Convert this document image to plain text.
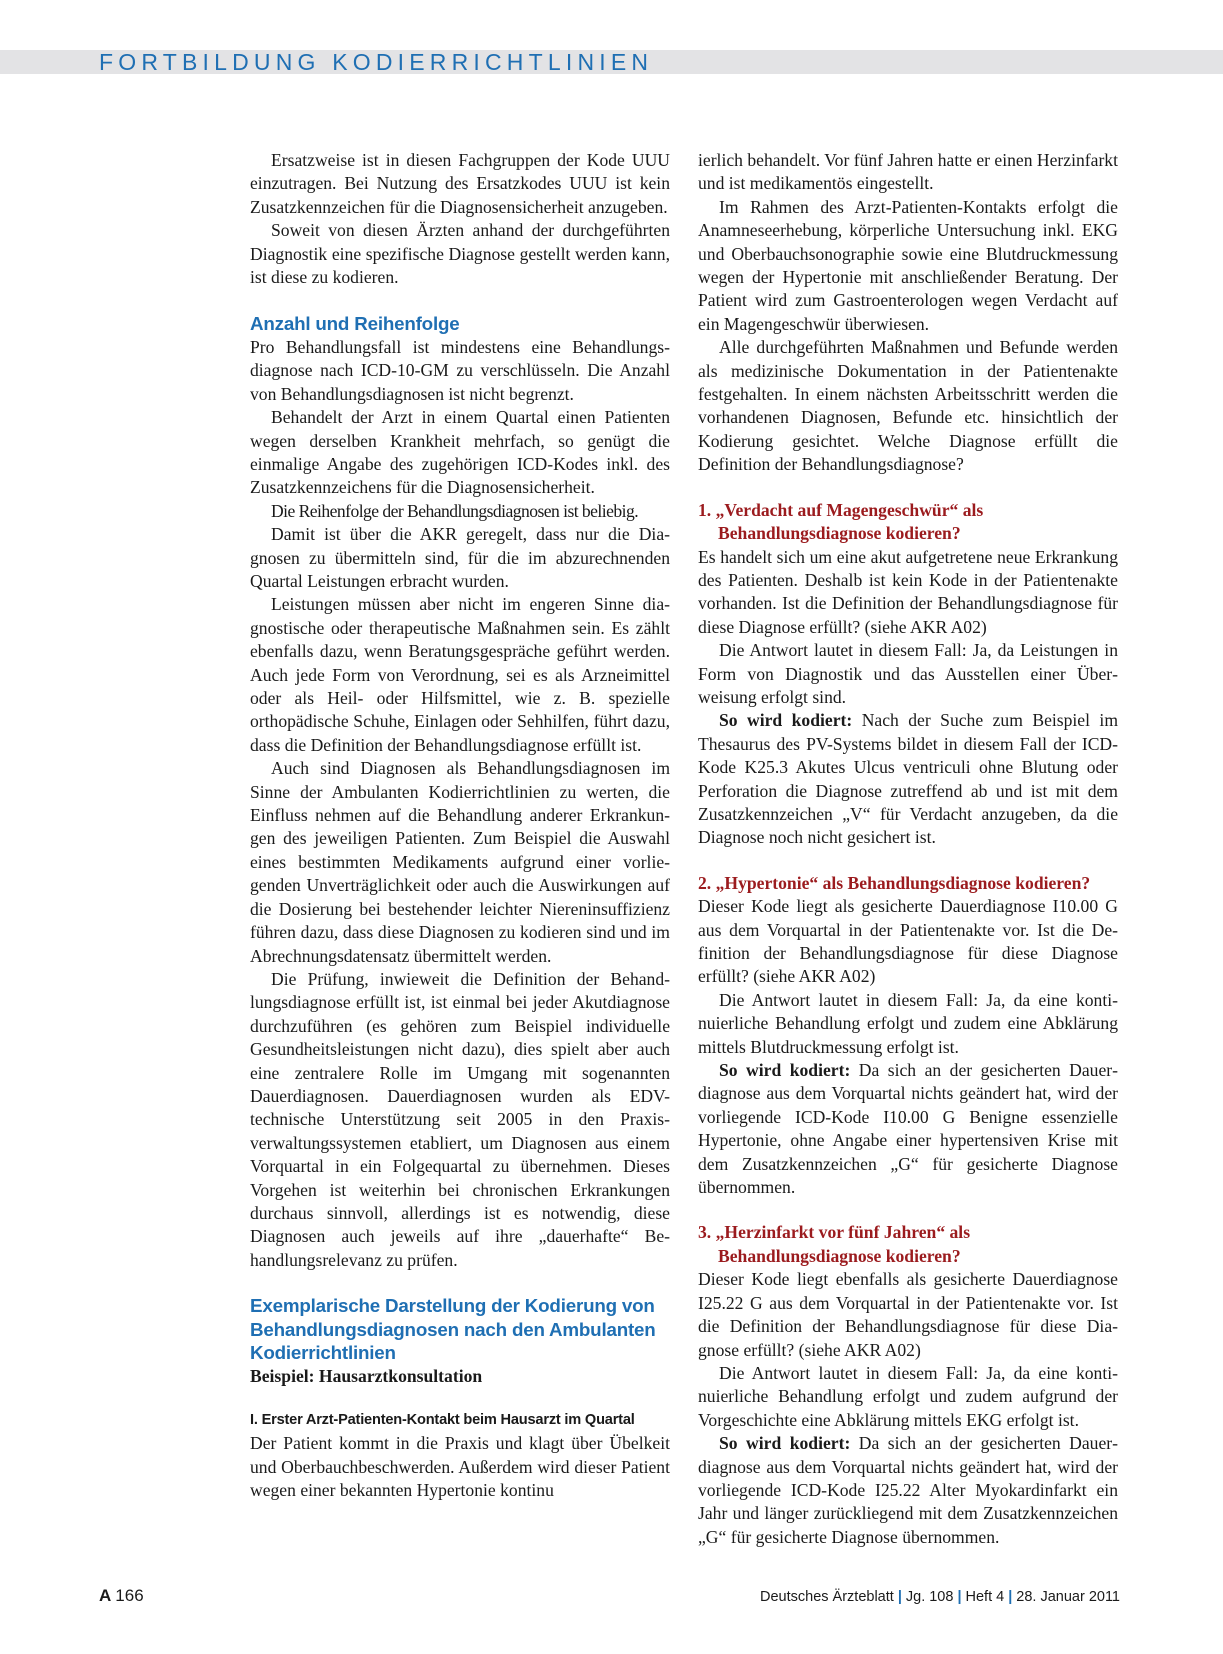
FORTBILDUNG KODIERRICHTLINIEN

Ersatzweise ist in diesen Fachgruppen der Kode UUU einzutragen. Bei Nutzung des Ersatzkodes UUU ist kein Zusatzkennzeichen für die Diagnosensicherheit anzugeben.

Soweit von diesen Ärzten anhand der durchgeführten Diagnostik eine spezifische Diagnose gestellt werden kann, ist diese zu kodieren.

Anzahl und Reihenfolge

Pro Behandlungsfall ist mindestens eine Behandlungsdiagnose nach ICD-10-GM zu verschlüsseln. Die Anzahl von Behandlungsdiagnosen ist nicht begrenzt.

Behandelt der Arzt in einem Quartal einen Patienten wegen derselben Krankheit mehrfach, so genügt die einmalige Angabe des zugehörigen ICD-Kodes inkl. des Zusatzkennzeichens für die Diagnosensicherheit.

Die Reihenfolge der Behandlungsdiagnosen ist beliebig.

Damit ist über die AKR geregelt, dass nur die Diagnosen zu übermitteln sind, für die im abzurechnenden Quartal Leistungen erbracht wurden.

Leistungen müssen aber nicht im engeren Sinne diagnostische oder therapeutische Maßnahmen sein. Es zählt ebenfalls dazu, wenn Beratungsgespräche geführt werden. Auch jede Form von Verordnung, sei es als Arzneimittel oder als Heil- oder Hilfsmittel, wie z. B. spezielle orthopädische Schuhe, Einlagen oder Sehhilfen, führt dazu, dass die Definition der Behandlungsdiagnose erfüllt ist.

Auch sind Diagnosen als Behandlungsdiagnosen im Sinne der Ambulanten Kodierrichtlinien zu werten, die Einfluss nehmen auf die Behandlung anderer Erkrankungen des jeweiligen Patienten. Zum Beispiel die Auswahl eines bestimmten Medikaments aufgrund einer vorliegenden Unverträglichkeit oder auch die Auswirkungen auf die Dosierung bei bestehender leichter Niereninsuffizienz führen dazu, dass diese Diagnosen zu kodieren sind und im Abrechnungsdatensatz übermittelt werden.

Die Prüfung, inwieweit die Definition der Behandlungsdiagnose erfüllt ist, ist einmal bei jeder Akutdiagnose durchzuführen (es gehören zum Beispiel individuelle Gesundheitsleistungen nicht dazu), dies spielt aber auch eine zentralere Rolle im Umgang mit sogenannten Dauerdiagnosen. Dauerdiagnosen wurden als EDV-technische Unterstützung seit 2005 in den Praxisverwaltungssystemen etabliert, um Diagnosen aus einem Vorquartal in ein Folgequartal zu übernehmen. Dieses Vorgehen ist weiterhin bei chronischen Erkrankungen durchaus sinnvoll, allerdings ist es notwendig, diese Diagnosen auch jeweils auf ihre „dauerhafte“ Behandlungsrelevanz zu prüfen.

Exemplarische Darstellung der Kodierung von Behandlungsdiagnosen nach den Ambulanten Kodierrichtlinien

Beispiel: Hausarztkonsultation

I. Erster Arzt-Patienten-Kontakt beim Hausarzt im Quartal

Der Patient kommt in die Praxis und klagt über Übelkeit und Oberbauchbeschwerden. Außerdem wird dieser Patient wegen einer bekannten Hypertonie kontinu

ierlich behandelt. Vor fünf Jahren hatte er einen Herzinfarkt und ist medikamentös eingestellt.

Im Rahmen des Arzt-Patienten-Kontakts erfolgt die Anamneseerhebung, körperliche Untersuchung inkl. EKG und Oberbauchsonographie sowie eine Blutdruckmessung wegen der Hypertonie mit anschließender Beratung. Der Patient wird zum Gastroenterologen wegen Verdacht auf ein Magengeschwür überwiesen.

Alle durchgeführten Maßnahmen und Befunde werden als medizinische Dokumentation in der Patientenakte festgehalten. In einem nächsten Arbeitsschritt werden die vorhandenen Diagnosen, Befunde etc. hinsichtlich der Kodierung gesichtet. Welche Diagnose erfüllt die Definition der Behandlungsdiagnose?

1. „Verdacht auf Magengeschwür“ als
Behandlungsdiagnose kodieren?

Es handelt sich um eine akut aufgetretene neue Erkrankung des Patienten. Deshalb ist kein Kode in der Patientenakte vorhanden. Ist die Definition der Behandlungsdiagnose für diese Diagnose erfüllt? (siehe AKR A02)

Die Antwort lautet in diesem Fall: Ja, da Leistungen in Form von Diagnostik und das Ausstellen einer Überweisung erfolgt sind.

So wird kodiert: Nach der Suche zum Beispiel im Thesaurus des PV-Systems bildet in diesem Fall der ICD-Kode K25.3 Akutes Ulcus ventriculi ohne Blutung oder Perforation die Diagnose zutreffend ab und ist mit dem Zusatzkennzeichen „V“ für Verdacht anzugeben, da die Diagnose noch nicht gesichert ist.

2. „Hypertonie“ als Behandlungsdiagnose kodieren?

Dieser Kode liegt als gesicherte Dauerdiagnose I10.00 G aus dem Vorquartal in der Patientenakte vor. Ist die Definition der Behandlungsdiagnose für diese Diagnose erfüllt? (siehe AKR A02)

Die Antwort lautet in diesem Fall: Ja, da eine kontinuierliche Behandlung erfolgt und zudem eine Abklärung mittels Blutdruckmessung erfolgt ist.

So wird kodiert: Da sich an der gesicherten Dauerdiagnose aus dem Vorquartal nichts geändert hat, wird der vorliegende ICD-Kode I10.00 G Benigne essenzielle Hypertonie, ohne Angabe einer hypertensiven Krise mit dem Zusatzkennzeichen „G“ für gesicherte Diagnose übernommen.

3. „Herzinfarkt vor fünf Jahren“ als
Behandlungsdiagnose kodieren?

Dieser Kode liegt ebenfalls als gesicherte Dauerdiagnose I25.22 G aus dem Vorquartal in der Patientenakte vor. Ist die Definition der Behandlungsdiagnose für diese Diagnose erfüllt? (siehe AKR A02)

Die Antwort lautet in diesem Fall: Ja, da eine kontinuierliche Behandlung erfolgt und zudem aufgrund der Vorgeschichte eine Abklärung mittels EKG erfolgt ist.

So wird kodiert: Da sich an der gesicherten Dauerdiagnose aus dem Vorquartal nichts geändert hat, wird der vorliegende ICD-Kode I25.22 Alter Myokardinfarkt ein Jahr und länger zurückliegend mit dem Zusatzkennzeichen „G“ für gesicherte Diagnose übernommen.

A 166	Deutsches Ärzteblatt | Jg. 108 | Heft 4 | 28. Januar 2011
